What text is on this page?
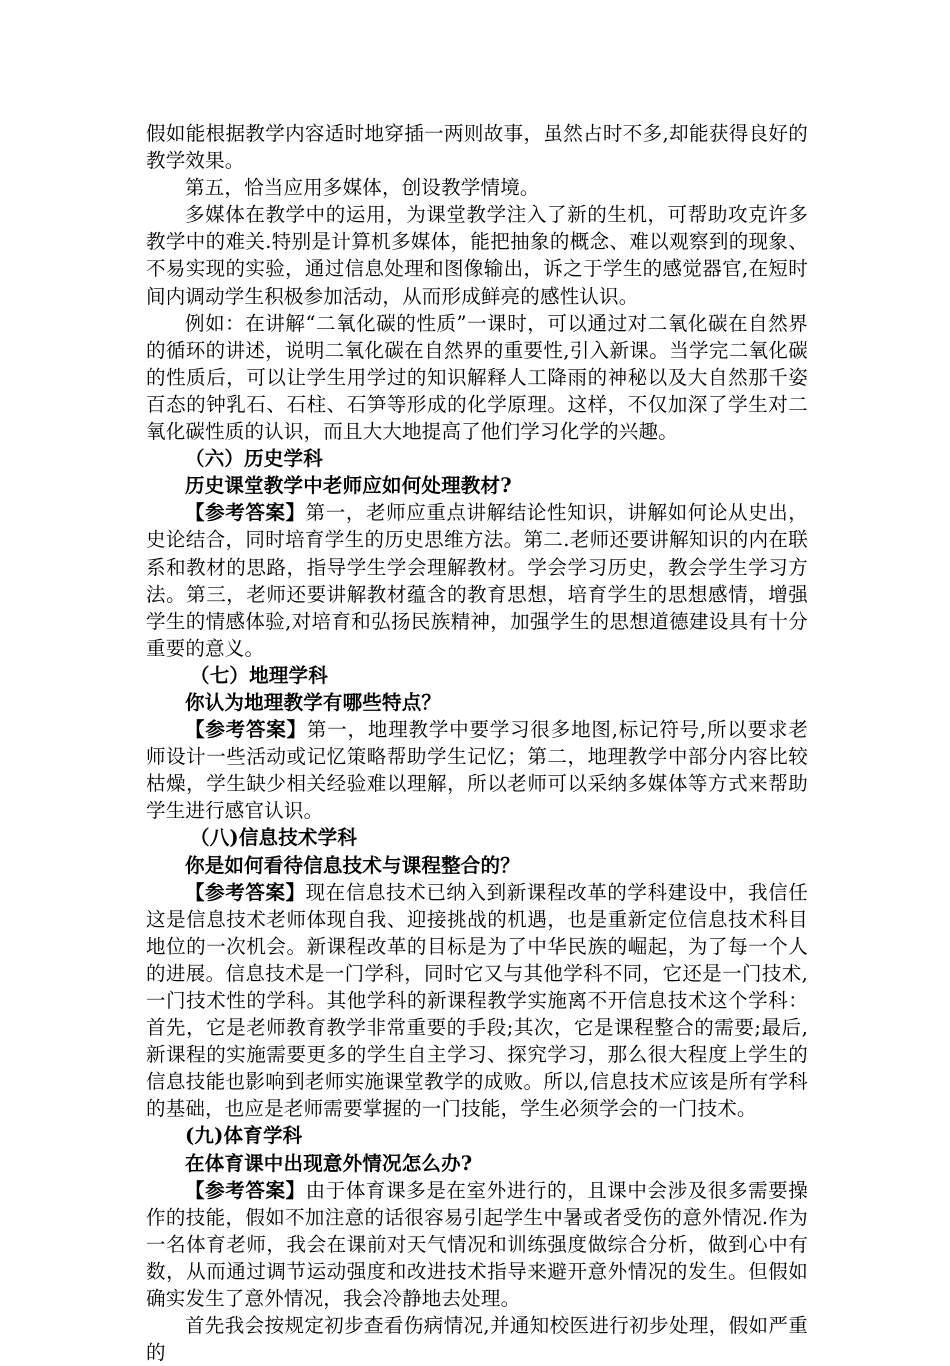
假如能根据教学内容适时地穿插一两则故事，虽然占时不多,却能获得良好的教学效果。

第五，恰当应用多媒体，创设教学情境。

多媒体在教学中的运用，为课堂教学注入了新的生机，可帮助攻克许多教学中的难关.特别是计算机多媒体，能把抽象的概念、难以观察到的现象、不易实现的实验，通过信息处理和图像输出，诉之于学生的感觉器官,在短时间内调动学生积极参加活动，从而形成鲜亮的感性认识。

例如：在讲解“二氧化碳的性质”一课时，可以通过对二氧化碳在自然界的循环的讲述，说明二氧化碳在自然界的重要性,引入新课。当学完二氧化碳的性质后，可以让学生用学过的知识解释人工降雨的神秘以及大自然那千姿百态的钟乳石、石柱、石笋等形成的化学原理。这样，不仅加深了学生对二氧化碳性质的认识，而且大大地提高了他们学习化学的兴趣。

（六）历史学科

历史课堂教学中老师应如何处理教材?

【参考答案】第一，老师应重点讲解结论性知识，讲解如何论从史出，史论结合，同时培育学生的历史思维方法。第二.老师还要讲解知识的内在联系和教材的思路，指导学生学会理解教材。学会学习历史，教会学生学习方法。第三，老师还要讲解教材蕴含的教育思想，培育学生的思想感情，增强学生的情感体验,对培育和弘扬民族精神，加强学生的思想道德建设具有十分重要的意义。

（七）地理学科

你认为地理教学有哪些特点？

【参考答案】第一，地理教学中要学习很多地图,标记符号,所以要求老师设计一些活动或记忆策略帮助学生记忆；第二，地理教学中部分内容比较枯燥，学生缺少相关经验难以理解，所以老师可以采纳多媒体等方式来帮助学生进行感官认识。

（八)信息技术学科

你是如何看待信息技术与课程整合的？

【参考答案】现在信息技术已纳入到新课程改革的学科建设中，我信任这是信息技术老师体现自我、迎接挑战的机遇，也是重新定位信息技术科目地位的一次机会。新课程改革的目标是为了中华民族的崛起，为了每一个人的进展。信息技术是一门学科，同时它又与其他学科不同，它还是一门技术,一门技术性的学科。其他学科的新课程教学实施离不开信息技术这个学科：首先，它是老师教育教学非常重要的手段;其次，它是课程整合的需要;最后,新课程的实施需要更多的学生自主学习、探究学习，那么很大程度上学生的信息技能也影响到老师实施课堂教学的成败。所以,信息技术应该是所有学科的基础，也应是老师需要掌握的一门技能，学生必须学会的一门技术。

(九)体育学科

在体育课中出现意外情况怎么办?

【参考答案】由于体育课多是在室外进行的，且课中会涉及很多需要操作的技能，假如不加注意的话很容易引起学生中暑或者受伤的意外情况.作为一名体育老师，我会在课前对天气情况和训练强度做综合分析，做到心中有数，从而通过调节运动强度和改进技术指导来避开意外情况的发生。但假如确实发生了意外情况，我会冷静地去处理。

首先我会按规定初步查看伤病情况,并通知校医进行初步处理，假如严重的
